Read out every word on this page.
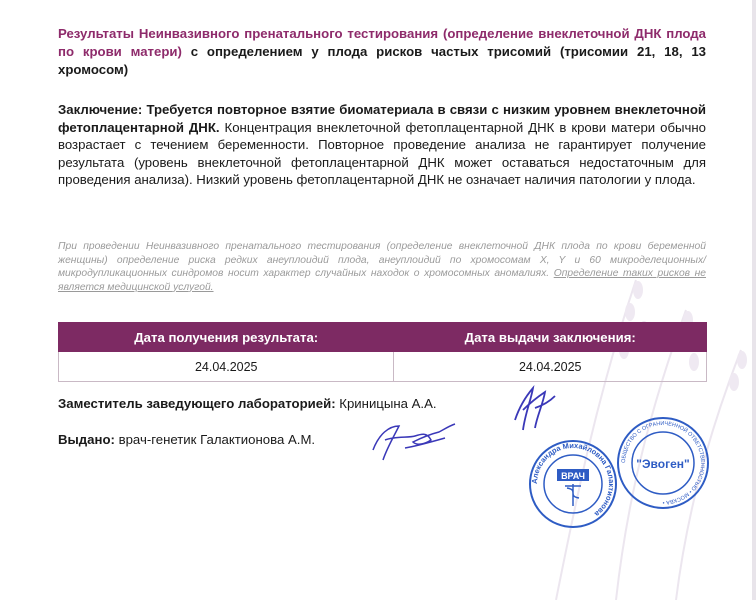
Результаты Неинвазивного пренатального тестирования (определение внеклеточной ДНК плода по крови матери) с определением у плода рисков частых трисомий (трисомии 21, 18, 13 хромосом)

Заключение: Требуется повторное взятие биоматериала в связи с низким уровнем внеклеточной фетоплацентарной ДНК. Концентрация внеклеточной фетоплацентарной ДНК в крови матери обычно возрастает с течением беременности. Повторное проведение анализа не гарантирует получение результата (уровень внеклеточной фетоплацентарной ДНК может оставаться недостаточным для проведения анализа). Низкий уровень фетоплацентарной ДНК не означает наличия патологии у плода.

При проведении Неинвазивного пренатального тестирования (определение внеклеточной ДНК плода по крови беременной женщины) определение риска редких анеуплоидий плода, анеуплоидий по хромосомам X, Y и 60 микроделеционных/микродупликационных синдромов носит характер случайных находок о хромосомных аномалиях. Определение таких рисков не является медицинской услугой.

Дата получения результата:	Дата выдачи заключения:
24.04.2025	24.04.2025
Заместитель заведующего лабораторией: Криницына А.А.
Выдано: врач-генетик Галактионова А.М.
Александра Михайловна Галактионова
ВРАЧ
ОБЩЕСТВО С ОГРАНИЧЕННОЙ ОТВЕТСТВЕННОСТЬЮ • МОСКВА •
"Эвоген"
